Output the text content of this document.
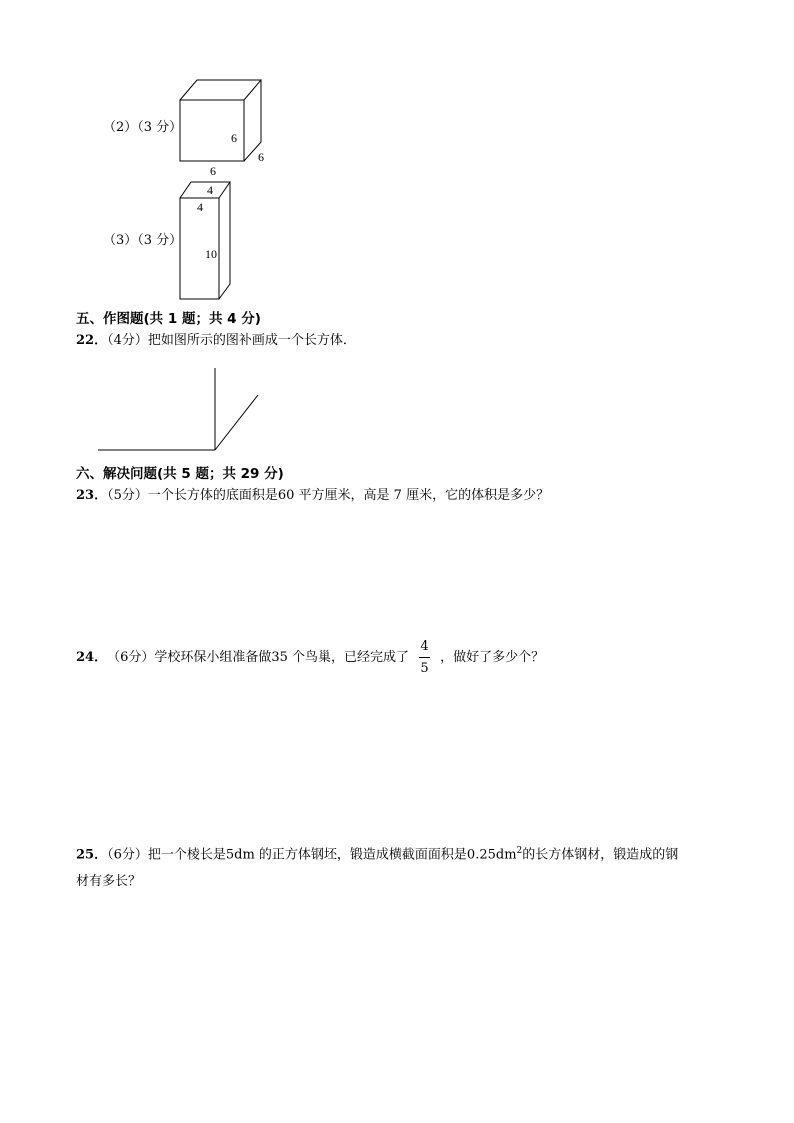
（2）（3 分）
6
6
6
（3）（3 分）
4
4
10
五、作图题(共 1 题；共 4 分)
22．（4分）把如图所示的图补画成一个长方体．
六、解决问题(共 5 题；共 29 分)
23．（5分）一个长方体的底面积是60 平方厘米，高是 7 厘米，它的体积是多少？
24． （6分） 学校环保小组准备做35 个鸟巢，已经完成了 $\frac{4}{5}$ ，做好了多少个？
25．（6分）把一个棱长是5dm 的正方体钢坯，锻造成横截面面积是$0.25dm^2$的长方体钢材，锻造成的钢
材有多长？
